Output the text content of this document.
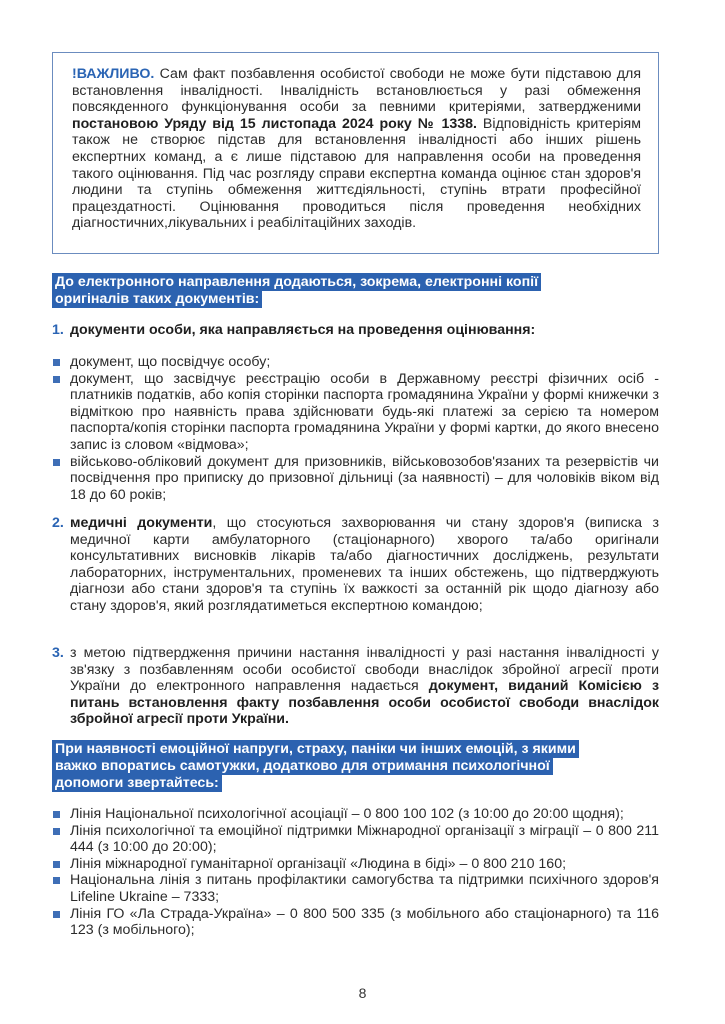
!ВАЖЛИВО. Сам факт позбавлення особистої свободи не може бути підставою для встановлення інвалідності. Інвалідність встановлюється у разі обмеження повсякденного функціонування особи за певними критеріями, затвердженими постановою Уряду від 15 листопада 2024 року № 1338. Відповідність критеріям також не створює підстав для встановлення інвалідності або інших рішень експертних команд, а є лише підставою для направлення особи на проведення такого оцінювання. Під час розгляду справи експертна команда оцінює стан здоров'я людини та ступінь обмеження життєдіяльності, ступінь втрати професійної працездатності. Оцінювання проводиться після проведення необхідних діагностичних,лікувальних і реабілітаційних заходів.

До електронного направлення додаються, зокрема, електронні копії оригіналів таких документів:
1. документи особи, яка направляється на проведення оцінювання:
документ, що посвідчує особу;
документ, що засвідчує реєстрацію особи в Державному реєстрі фізичних осіб - платників податків, або копія сторінки паспорта громадянина України у формі книжечки з відміткою про наявність права здійснювати будь-які платежі за серією та номером паспорта/копія сторінки паспорта громадянина України у формі картки, до якого внесено запис із словом «відмова»;
військово-обліковий документ для призовників, військовозобов'язаних та резервістів чи посвідчення про приписку до призовної дільниці (за наявності) – для чоловіків віком від 18 до 60 років;
2. медичні документи, що стосуються захворювання чи стану здоров'я (виписка з медичної карти амбулаторного (стаціонарного) хворого та/або оригінали консультативних висновків лікарів та/або діагностичних досліджень, результати лабораторних, інструментальних, променевих та інших обстежень, що підтверджують діагнози або стани здоров'я та ступінь їх важкості за останній рік щодо діагнозу або стану здоров'я, який розглядатиметься експертною командою;
3. з метою підтвердження причини настання інвалідності у разі настання інвалідності у зв'язку з позбавленням особи особистої свободи внаслідок збройної агресії проти України до електронного направлення надається документ, виданий Комісією з питань встановлення факту позбавлення особи особистої свободи внаслідок збройної агресії проти України.
При наявності емоційної напруги, страху, паніки чи інших емоцій, з якими важко впоратись самотужки, додатково для отримання психологічної допомоги звертайтесь:
Лінія Національної психологічної асоціації – 0 800 100 102 (з 10:00 до 20:00 щодня);
Лінія психологічної та емоційної підтримки Міжнародної організації з міграції – 0 800 211 444 (з 10:00 до 20:00);
Лінія міжнародної гуманітарної організації «Людина в біді» – 0 800 210 160;
Національна лінія з питань профілактики самогубства та підтримки психічного здоров'я Lifeline Ukraine – 7333;
Лінія ГО «Ла Страда-Україна» – 0 800 500 335 (з мобільного або стаціонарного) та 116 123 (з мобільного);
8
